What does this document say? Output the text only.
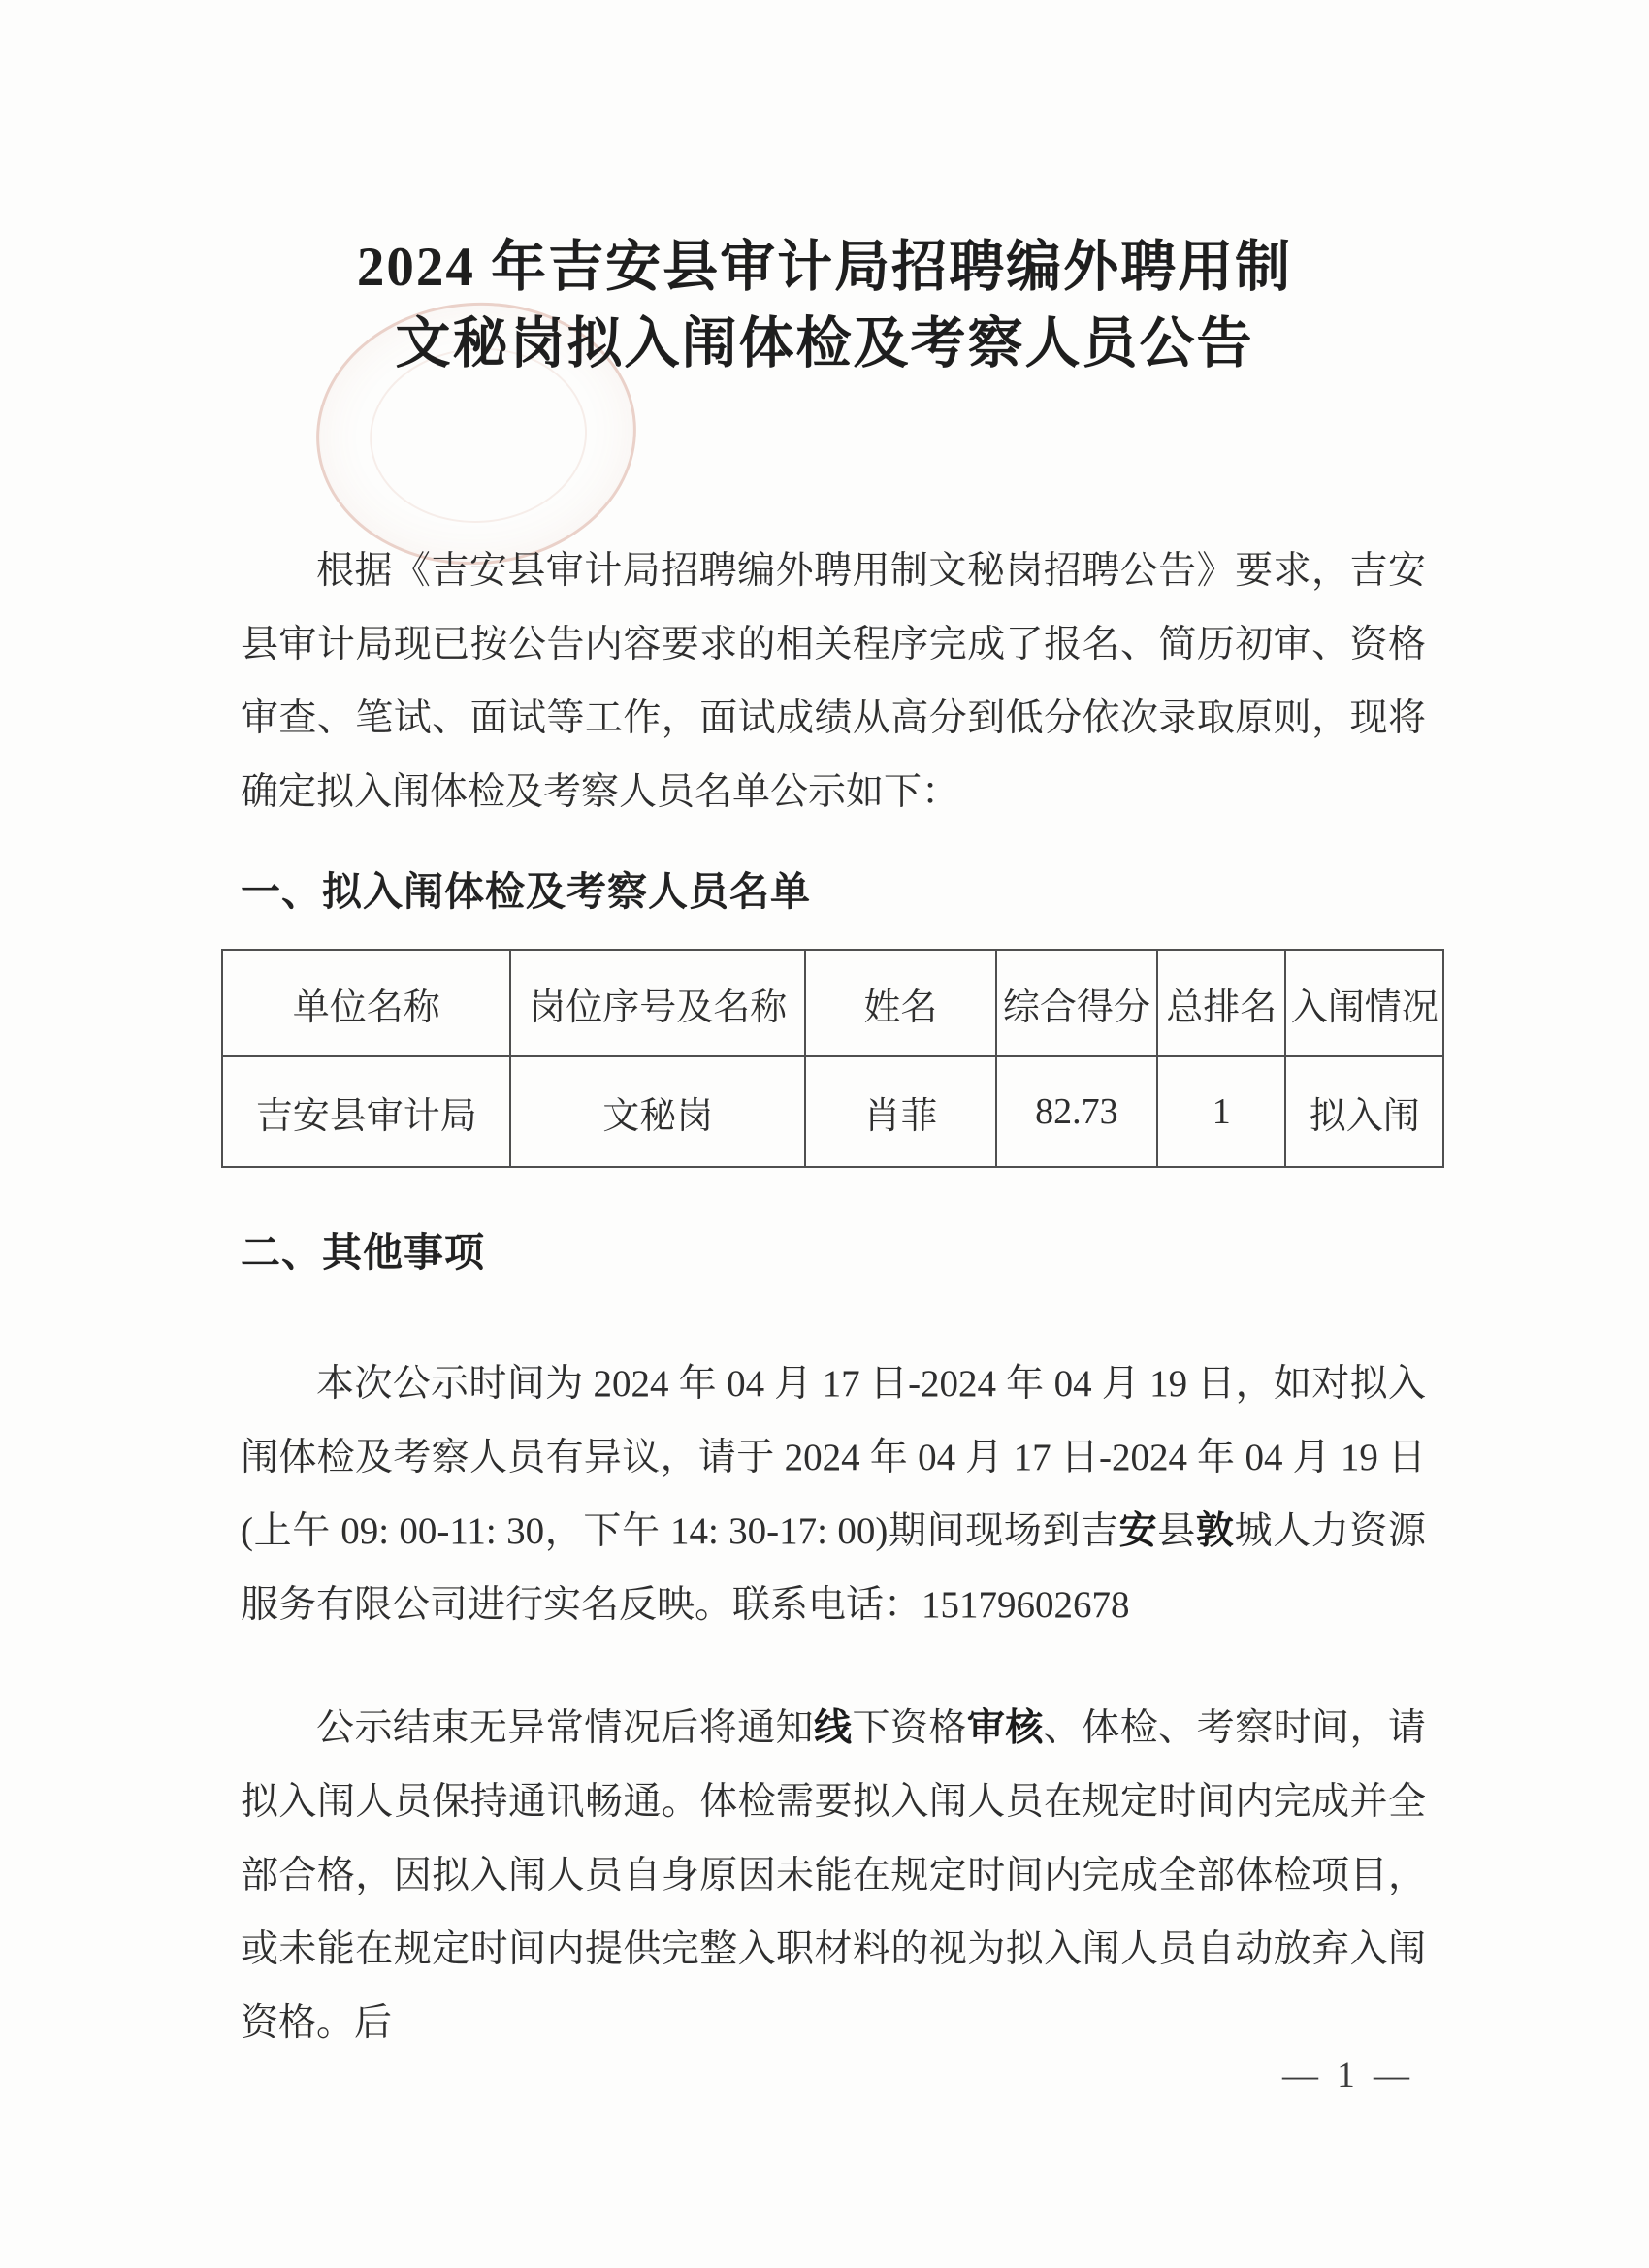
2024 年吉安县审计局招聘编外聘用制
文秘岗拟入闱体检及考察人员公告

根据《吉安县审计局招聘编外聘用制文秘岗招聘公告》要求，吉安县审计局现已按公告内容要求的相关程序完成了报名、简历初审、资格审查、笔试、面试等工作，面试成绩从高分到低分依次录取原则，现将确定拟入闱体检及考察人员名单公示如下：

一、拟入闱体检及考察人员名单
单位名称	岗位序号及名称	姓名	综合得分	总排名	入闱情况
吉安县审计局	文秘岗	肖菲	82.73	1	拟入闱
二、其他事项

本次公示时间为 2024 年 04 月 17 日-2024 年 04 月 19 日，如对拟入闱体检及考察人员有异议，请于 2024 年 04 月 17 日-2024 年 04 月 19 日 (上午 09: 00-11: 30，下午 14: 30-17: 00)期间现场到吉安县敦城人力资源服务有限公司进行实名反映。联系电话：15179602678

公示结束无异常情况后将通知线下资格审核、体检、考察时间，请拟入闱人员保持通讯畅通。体检需要拟入闱人员在规定时间内完成并全部合格，因拟入闱人员自身原因未能在规定时间内完成全部体检项目，或未能在规定时间内提供完整入职材料的视为拟入闱人员自动放弃入闱资格。后

— 1 —
